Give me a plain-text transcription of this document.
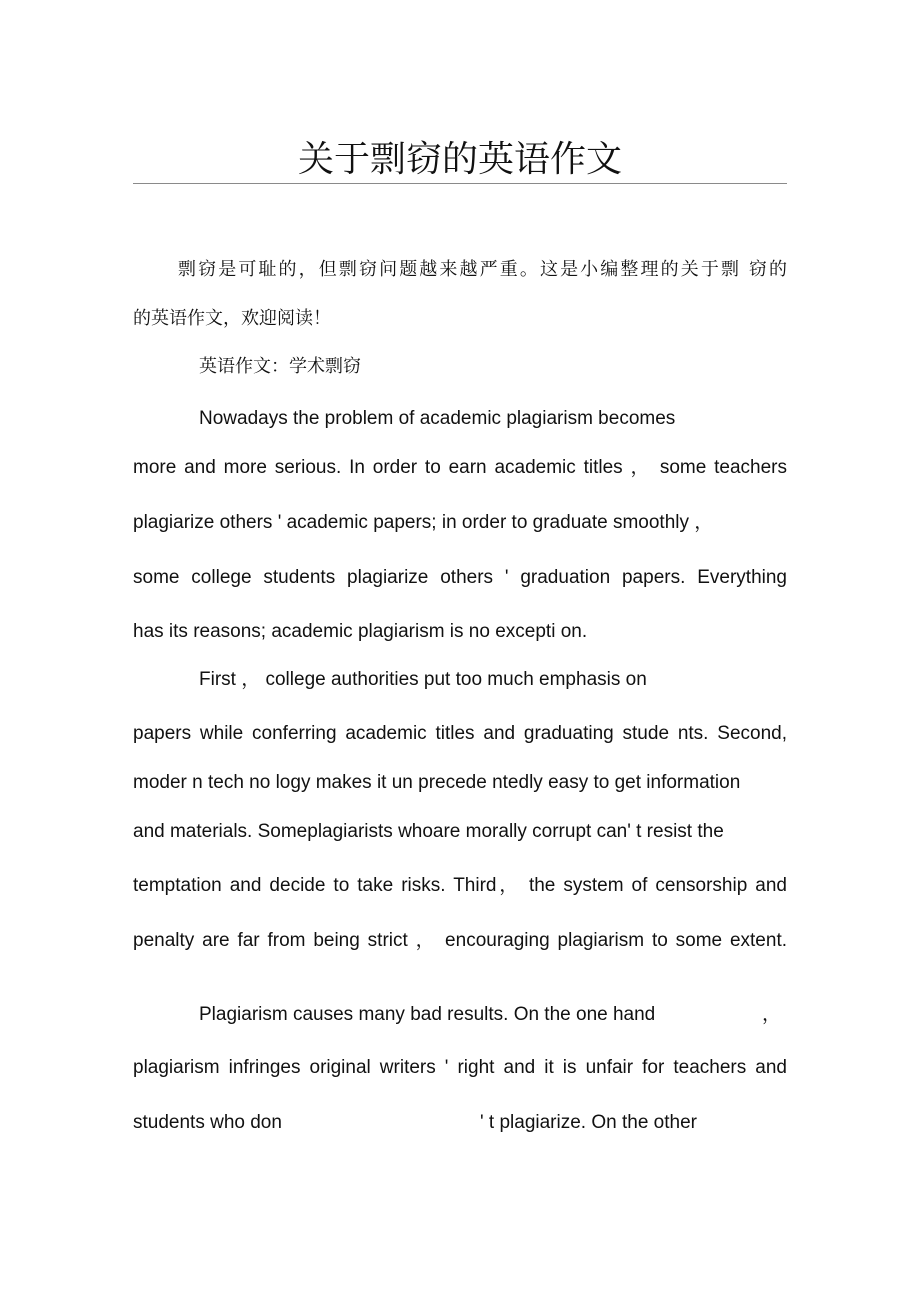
关于剽窃的英语作文

剽窃是可耻的，但剽窃问题越来越严重。这是小编整理的关于剽 窃的

的英语作文，欢迎阅读！

英语作文：学术剽窃

Nowadays the problem of academic plagiarism becomes

more and more serious. In order to earn academic titles ， some teachers

plagiarize others ' academic papers; in order to graduate smoothly ，

some college students plagiarize others ' graduation papers. Everything

has its reasons; academic plagiarism is no excepti on.

First ， college authorities put too much emphasis on

papers while conferring academic titles and graduating stude nts. Second,

moder n tech no logy makes it un precede ntedly easy to get information

and materials. Someplagiarists whoare morally corrupt can' t resist the

temptation and decide to take risks. Third， the system of censorship and

penalty are far from being strict ， encouraging plagiarism to some extent.

Plagiarism causes many bad results. On the one hand	，

plagiarism infringes original writers ' right and it is unfair for teachers and

students who don	' t plagiarize. On the other
